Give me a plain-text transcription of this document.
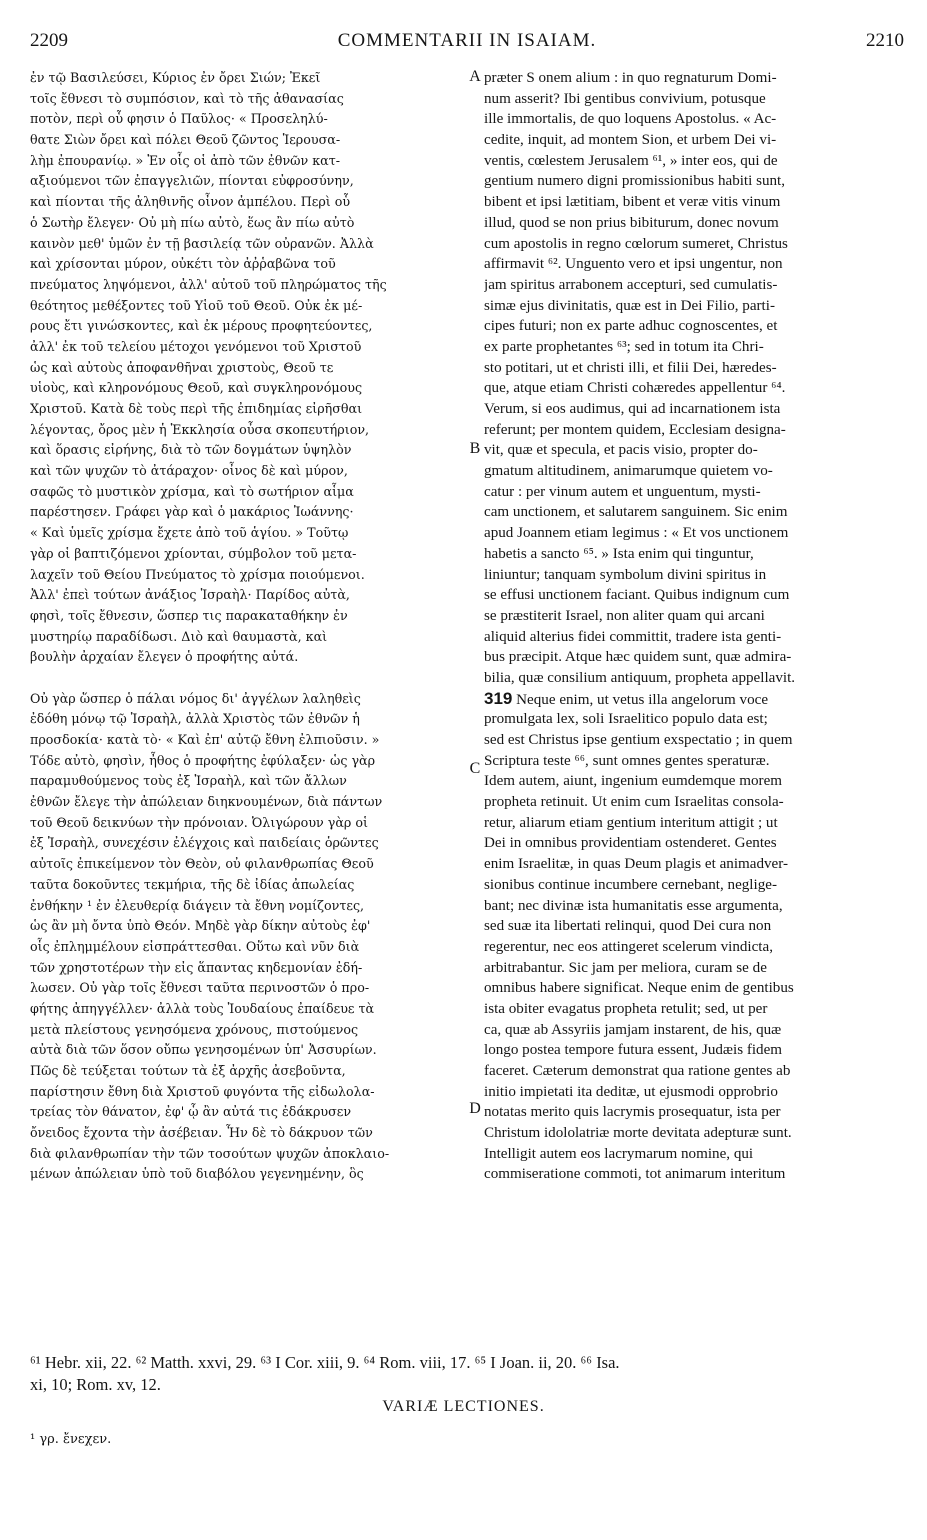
2209	COMMENTARII IN ISAIAM.	2210
ἐν τῷ Βασιλεύσει, Κύριος ἐν ὄρει Σιών; Ἐκεῖ
τοῖς ἔθνεσι τὸ συμπόσιον, καὶ τὸ τῆς ἀθανασίας
ποτὸν, περὶ οὗ φησιν ὁ Παῦλος· « Προσεληλύ-
θατε Σιὼν ὄρει καὶ πόλει Θεοῦ ζῶντος Ἱερουσα-
λὴμ ἐπουρανίῳ. » Ἐν οἷς οἱ ἀπὸ τῶν ἐθνῶν κατ-
αξιούμενοι τῶν ἐπαγγελιῶν, πίονται εὐφροσύνην,
καὶ πίονται τῆς ἀληθινῆς οἶνον ἀμπέλου. Περὶ οὗ
ὁ Σωτὴρ ἔλεγεν· Οὐ μὴ πίω αὐτὸ, ἕως ἂν πίω αὐτὸ
καινὸν μεθ' ὑμῶν ἐν τῇ βασιλείᾳ τῶν οὐρανῶν. Ἀλλὰ
καὶ χρίσονται μύρον, οὐκέτι τὸν ἀῤῥαβῶνα τοῦ
πνεύματος ληψόμενοι, ἀλλ' αὐτοῦ τοῦ πληρώματος τῆς
θεότητος μεθέξοντες τοῦ Υἱοῦ τοῦ Θεοῦ. Οὐκ ἐκ μέ-
ρους ἔτι γινώσκοντες, καὶ ἐκ μέρους προφητεύοντες,
ἀλλ' ἐκ τοῦ τελείου μέτοχοι γενόμενοι τοῦ Χριστοῦ
ὡς καὶ αὐτοὺς ἀποφανθῆναι χριστοὺς, Θεοῦ τε
υἱοὺς, καὶ κληρονόμους Θεοῦ, καὶ συγκληρονόμους
Χριστοῦ. Κατὰ δὲ τοὺς περὶ τῆς ἐπιδημίας εἰρῆσθαι
λέγοντας, ὄρος μὲν ἡ Ἐκκλησία οὖσα σκοπευτήριον,
καὶ ὅρασις εἰρήνης, διὰ τὸ τῶν δογμάτων ὑψηλὸν
καὶ τῶν ψυχῶν τὸ ἀτάραχον· οἶνος δὲ καὶ μύρον,
σαφῶς τὸ μυστικὸν χρίσμα, καὶ τὸ σωτήριον αἷμα
παρέστησεν. Γράφει γὰρ καὶ ὁ μακάριος Ἰωάννης·
« Καὶ ὑμεῖς χρίσμα ἔχετε ἀπὸ τοῦ ἁγίου. » Τοῦτῳ
γὰρ οἱ βαπτιζόμενοι χρίονται, σύμβολον τοῦ μετα-
λαχεῖν τοῦ Θείου Πνεύματος τὸ χρίσμα ποιούμενοι.
Ἀλλ' ἐπεὶ τούτων ἀνάξιος Ἰσραὴλ· Παρίδος αὐτὰ,
φησὶ, τοῖς ἔθνεσιν, ὥσπερ τις παρακαταθήκην ἐν
μυστηρίῳ παραδίδωσι. Διὸ καὶ θαυμαστὰ, καὶ
βουλὴν ἀρχαίαν ἔλεγεν ὁ προφήτης αὐτά.
Οὐ γὰρ ὥσπερ ὁ πάλαι νόμος δι' ἀγγέλων λαληθεὶς
ἐδόθη μόνῳ τῷ Ἰσραὴλ, ἀλλὰ Χριστὸς τῶν ἐθνῶν ἡ
προσδοκία· κατὰ τὸ· « Καὶ ἐπ' αὐτῷ ἔθνη ἐλπιοῦσιν. »
Τόδε αὐτὸ, φησὶν, ἦθος ὁ προφήτης ἐφύλαξεν· ὡς γὰρ
παραμυθούμενος τοὺς ἐξ Ἰσραὴλ, καὶ τῶν ἄλλων
ἐθνῶν ἔλεγε τὴν ἀπώλειαν διηκνουμένων, διὰ πάντων
τοῦ Θεοῦ δεικνύων τὴν πρόνοιαν. Ὀλιγώρουν γὰρ οἱ
ἐξ Ἰσραὴλ, συνεχέσιν ἐλέγχοις καὶ παιδείαις ὁρῶντες
αὐτοῖς ἐπικείμενον τὸν Θεὸν, οὐ φιλανθρωπίας Θεοῦ
ταῦτα δοκοῦντες τεκμήρια, τῆς δὲ ἰδίας ἀπωλείας
ἐνθήκην ¹ ἐν ἐλευθερίᾳ διάγειν τὰ ἔθνη νομίζοντες,
ὡς ἂν μὴ ὄντα ὑπὸ Θεόν. Μηδὲ γὰρ δίκην αὐτοὺς ἐφ'
οἷς ἐπλημμέλουν εἰσπράττεσθαι. Οὕτω καὶ νῦν διὰ
τῶν χρηστοτέρων τὴν εἰς ἅπαντας κηδεμονίαν ἐδή-
λωσεν. Οὐ γὰρ τοῖς ἔθνεσι ταῦτα περινοστῶν ὁ προ-
φήτης ἀπηγγέλλεν· ἀλλὰ τοὺς Ἰουδαίους ἐπαίδευε τὰ
μετὰ πλείστους γενησόμενα χρόνους, πιστούμενος
αὐτὰ διὰ τῶν ὅσον οὔπω γενησομένων ὑπ' Ἀσσυρίων.
Πῶς δὲ τεύξεται τούτων τὰ ἐξ ἀρχῆς ἀσεβοῦντα,
παρίστησιν ἔθνη διὰ Χριστοῦ φυγόντα τῆς εἰδωλολα-
τρείας τὸν θάνατον, ἐφ' ᾧ ἂν αὐτά τις ἐδάκρυσεν
ὄνειδος ἔχοντα τὴν ἀσέβειαν. Ἦν δὲ τὸ δάκρυον τῶν
διὰ φιλανθρωπίαν τὴν τῶν τοσούτων ψυχῶν ἀποκλαιο-
μένων ἀπώλειαν ὑπὸ τοῦ διαβόλου γεγενημένην, ὃς
A
B
C
D
præter S onem alium : in quo regnaturum Domi-
num asserit? Ibi gentibus convivium, potusque
ille immortalis, de quo loquens Apostolus. « Ac-
cedite, inquit, ad montem Sion, et urbem Dei vi-
ventis, cœlestem Jerusalem ⁶¹, » inter eos, qui de
gentium numero digni promissionibus habiti sunt,
bibent et ipsi lætitiam, bibent et veræ vitis vinum
illud, quod se non prius bibiturum, donec novum
cum apostolis in regno cœlorum sumeret, Christus
affirmavit ⁶². Unguento vero et ipsi ungentur, non
jam spiritus arrabonem accepturi, sed cumulatis-
simæ ejus divinitatis, quæ est in Dei Filio, parti-
cipes futuri; non ex parte adhuc cognoscentes, et
ex parte prophetantes ⁶³; sed in totum ita Chri-
sto potitari, ut et christi illi, et filii Dei, hæredes-
que, atque etiam Christi cohæredes appellentur ⁶⁴.
Verum, si eos audimus, qui ad incarnationem ista
referunt; per montem quidem, Ecclesiam designa-
vit, quæ et specula, et pacis visio, propter do-
gmatum altitudinem, animarumque quietem vo-
catur : per vinum autem et unguentum, mysti-
cam unctionem, et salutarem sanguinem. Sic enim
apud Joannem etiam legimus : « Et vos unctionem
habetis a sancto ⁶⁵. » Ista enim qui tinguntur,
liniuntur; tanquam symbolum divini spiritus in
se effusi unctionem faciant. Quibus indignum cum
se præstiterit Israel, non aliter quam qui arcani
aliquid alterius fidei committit, tradere ista genti-
bus præcipit. Atque hæc quidem sunt, quæ admira-
bilia, quæ consilium antiquum, propheta appellavit.
319 Neque enim, ut vetus illa angelorum voce
promulgata lex, soli Israelitico populo data est;
sed est Christus ipse gentium exspectatio ; in quem
Scriptura teste ⁶⁶, sunt omnes gentes speraturæ.
Idem autem, aiunt, ingenium eumdemque morem
propheta retinuit. Ut enim cum Israelitas consola-
retur, aliarum etiam gentium interitum attigit ; ut
Dei in omnibus providentiam ostenderet. Gentes
enim Israelitæ, in quas Deum plagis et animadver-
sionibus continue incumbere cernebant, neglige-
bant; nec divinæ ista humanitatis esse argumenta,
sed suæ ita libertati relinqui, quod Dei cura non
regerentur, nec eos attingeret scelerum vindicta,
arbitrabantur. Sic jam per meliora, curam se de
omnibus habere significat. Neque enim de gentibus
ista obiter evagatus propheta retulit; sed, ut per
ca, quæ ab Assyriis jamjam instarent, de his, quæ
longo postea tempore futura essent, Judæis fidem
faceret. Cæterum demonstrat qua ratione gentes ab
initio impietati ita deditæ, ut ejusmodi opprobrio
notatas merito quis lacrymis prosequatur, ista per
Christum idololatriæ morte devitata adepturæ sunt.
Intelligit autem eos lacrymarum nomine, qui
commiseratione commoti, tot animarum interitum
⁶¹ Hebr. xii, 22. ⁶² Matth. xxvi, 29. ⁶³ I Cor. xiii, 9. ⁶⁴ Rom. viii, 17. ⁶⁵ I Joan. ii, 20. ⁶⁶ Isa.
xi, 10; Rom. xv, 12.
VARIÆ LECTIONES.
¹ γρ. ἔνεχεν.
